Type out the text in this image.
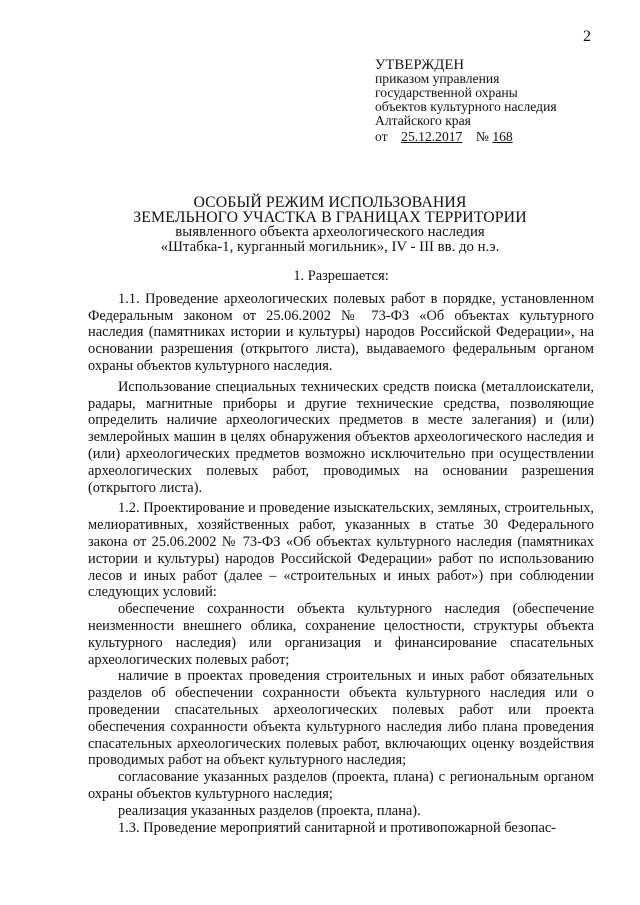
2
УТВЕРЖДЕН
приказом управления
государственной охраны
объектов культурного наследия
Алтайского края
от 25.12.2017 № 168
ОСОБЫЙ РЕЖИМ ИСПОЛЬЗОВАНИЯ
ЗЕМЕЛЬНОГО УЧАСТКА В ГРАНИЦАХ ТЕРРИТОРИИ
выявленного объекта археологического наследия
«Штабка-1, курганный могильник», IV - III вв. до н.э.
1. Разрешается:

1.1. Проведение археологических полевых работ в порядке, установленном Федеральным законом от 25.06.2002 № 73-ФЗ «Об объектах культурного наследия (памятниках истории и культуры) народов Российской Федерации», на основании разрешения (открытого листа), выдаваемого федеральным органом охраны объектов культурного наследия.

Использование специальных технических средств поиска (металлоискатели, радары, магнитные приборы и другие технические средства, позволяющие определить наличие археологических предметов в месте залегания) и (или) землеройных машин в целях обнаружения объектов археологического наследия и (или) археологических предметов возможно исключительно при осуществлении археологических полевых работ, проводимых на основании разрешения (открытого листа).

1.2. Проектирование и проведение изыскательских, земляных, строительных, мелиоративных, хозяйственных работ, указанных в статье 30 Федерального закона от 25.06.2002 № 73-ФЗ «Об объектах культурного наследия (памятниках истории и культуры) народов Российской Федерации» работ по использованию лесов и иных работ (далее – «строительных и иных работ») при соблюдении следующих условий:

обеспечение сохранности объекта культурного наследия (обеспечение неизменности внешнего облика, сохранение целостности, структуры объекта культурного наследия) или организация и финансирование спасательных археологических полевых работ;

наличие в проектах проведения строительных и иных работ обязательных разделов об обеспечении сохранности объекта культурного наследия или о проведении спасательных археологических полевых работ или проекта обеспечения сохранности объекта культурного наследия либо плана проведения спасательных археологических полевых работ, включающих оценку воздействия проводимых работ на объект культурного наследия;

согласование указанных разделов (проекта, плана) с региональным органом охраны объектов культурного наследия;

реализация указанных разделов (проекта, плана).

1.3. Проведение мероприятий санитарной и противопожарной безопас-
